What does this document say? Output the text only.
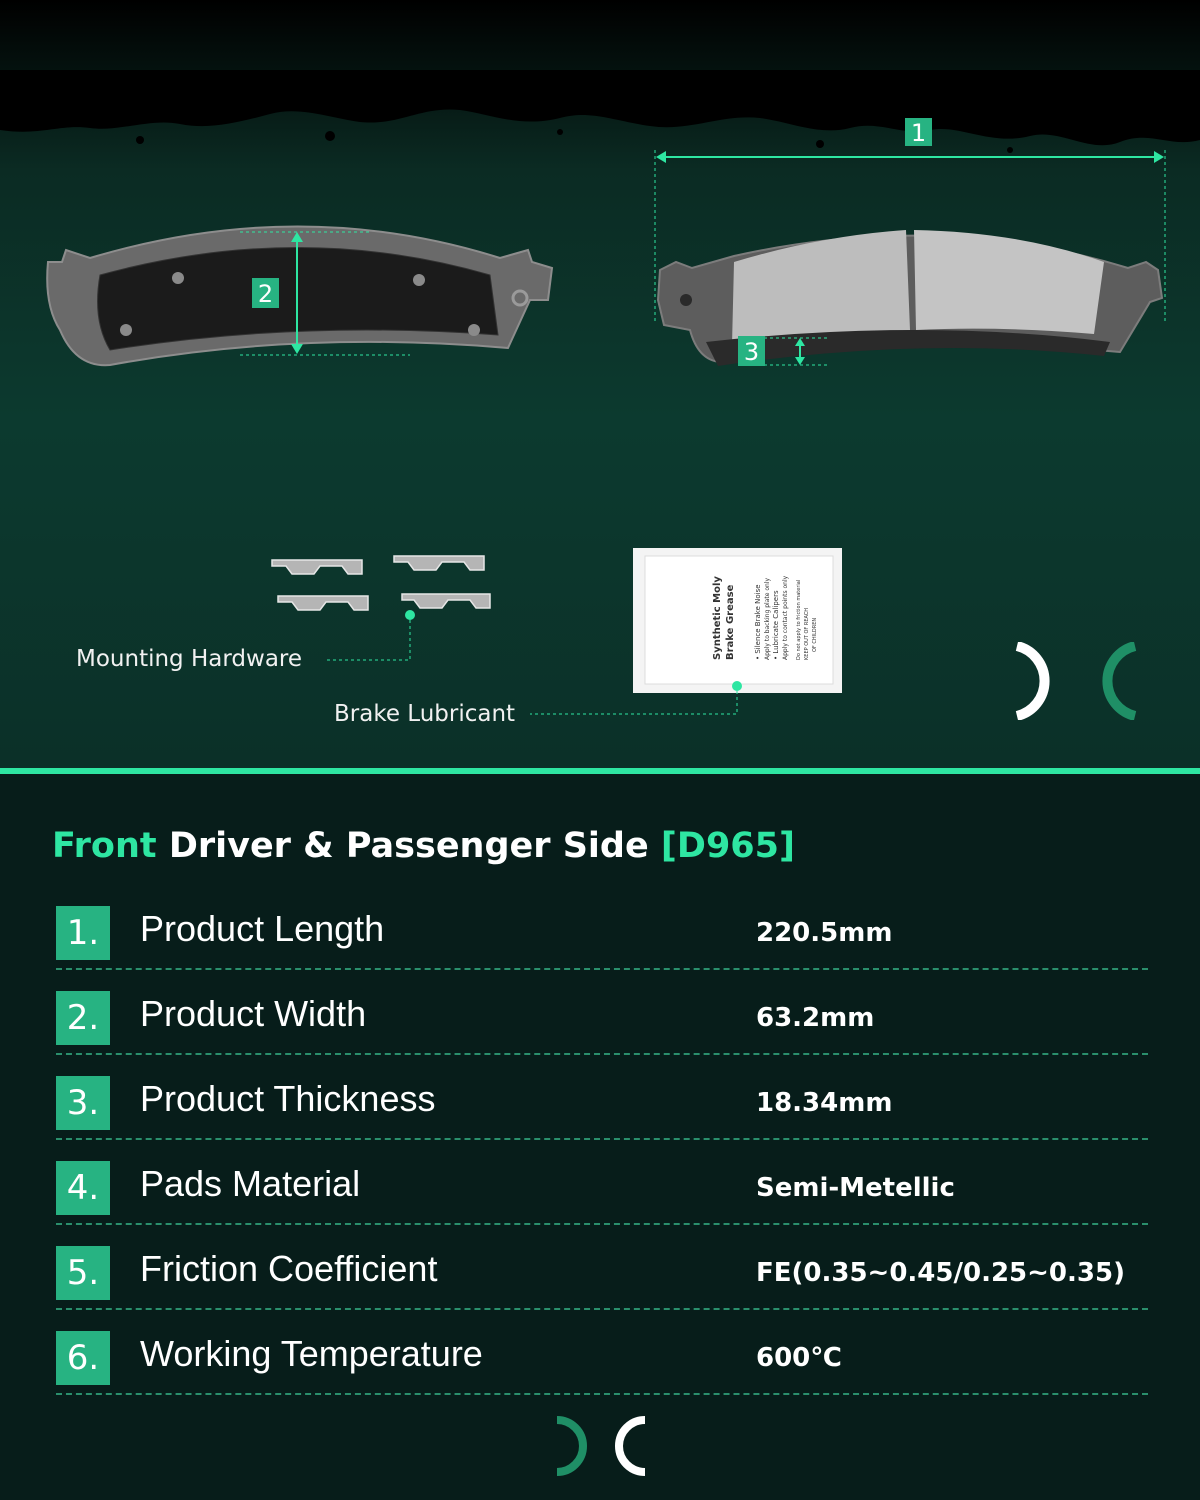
2
1
3
Synthetic Moly Brake Grease	• Silence Brake Noise Apply to backing plate only • Lubricate Calipers Apply to contact points only Do not apply to friction material KEEP OUT OF REACH OF CHILDREN
Mounting Hardware
Brake Lubricant
Front Driver & Passenger Side [D965]
1. Product Length	220.5mm
2. Product Width	63.2mm
3. Product Thickness	18.34mm
4. Pads Material	Semi-Metellic
5. Friction Coefficient	FE(0.35~0.45/0.25~0.35)
6. Working Temperature	600℃
